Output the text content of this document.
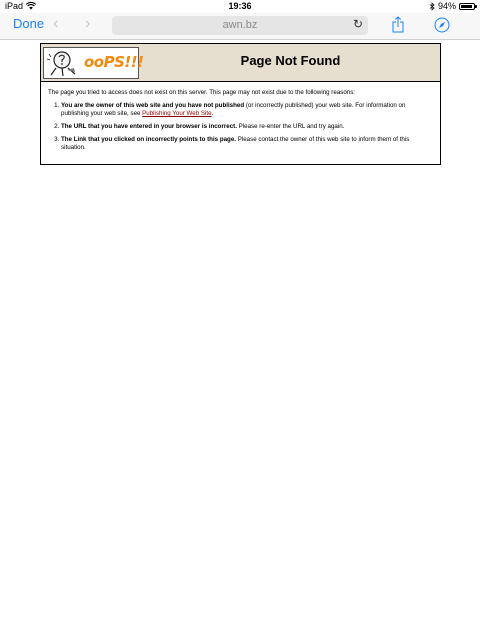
iPad	19:36	94%
Done ‹ ›	awn.bz	↻
ooPS!!!	Page Not Found

The page you tried to access does not exist on this server. This page may not exist due to the following reasons:

1. You are the owner of this web site and you have not published (or incorrectly published) your web site. For information on publishing your web site, see Publishing Your Web Site.
2. The URL that you have entered in your browser is incorrect. Please re-enter the URL and try again.
3. The Link that you clicked on incorrectly points to this page. Please contact the owner of this web site to inform them of this situation.
